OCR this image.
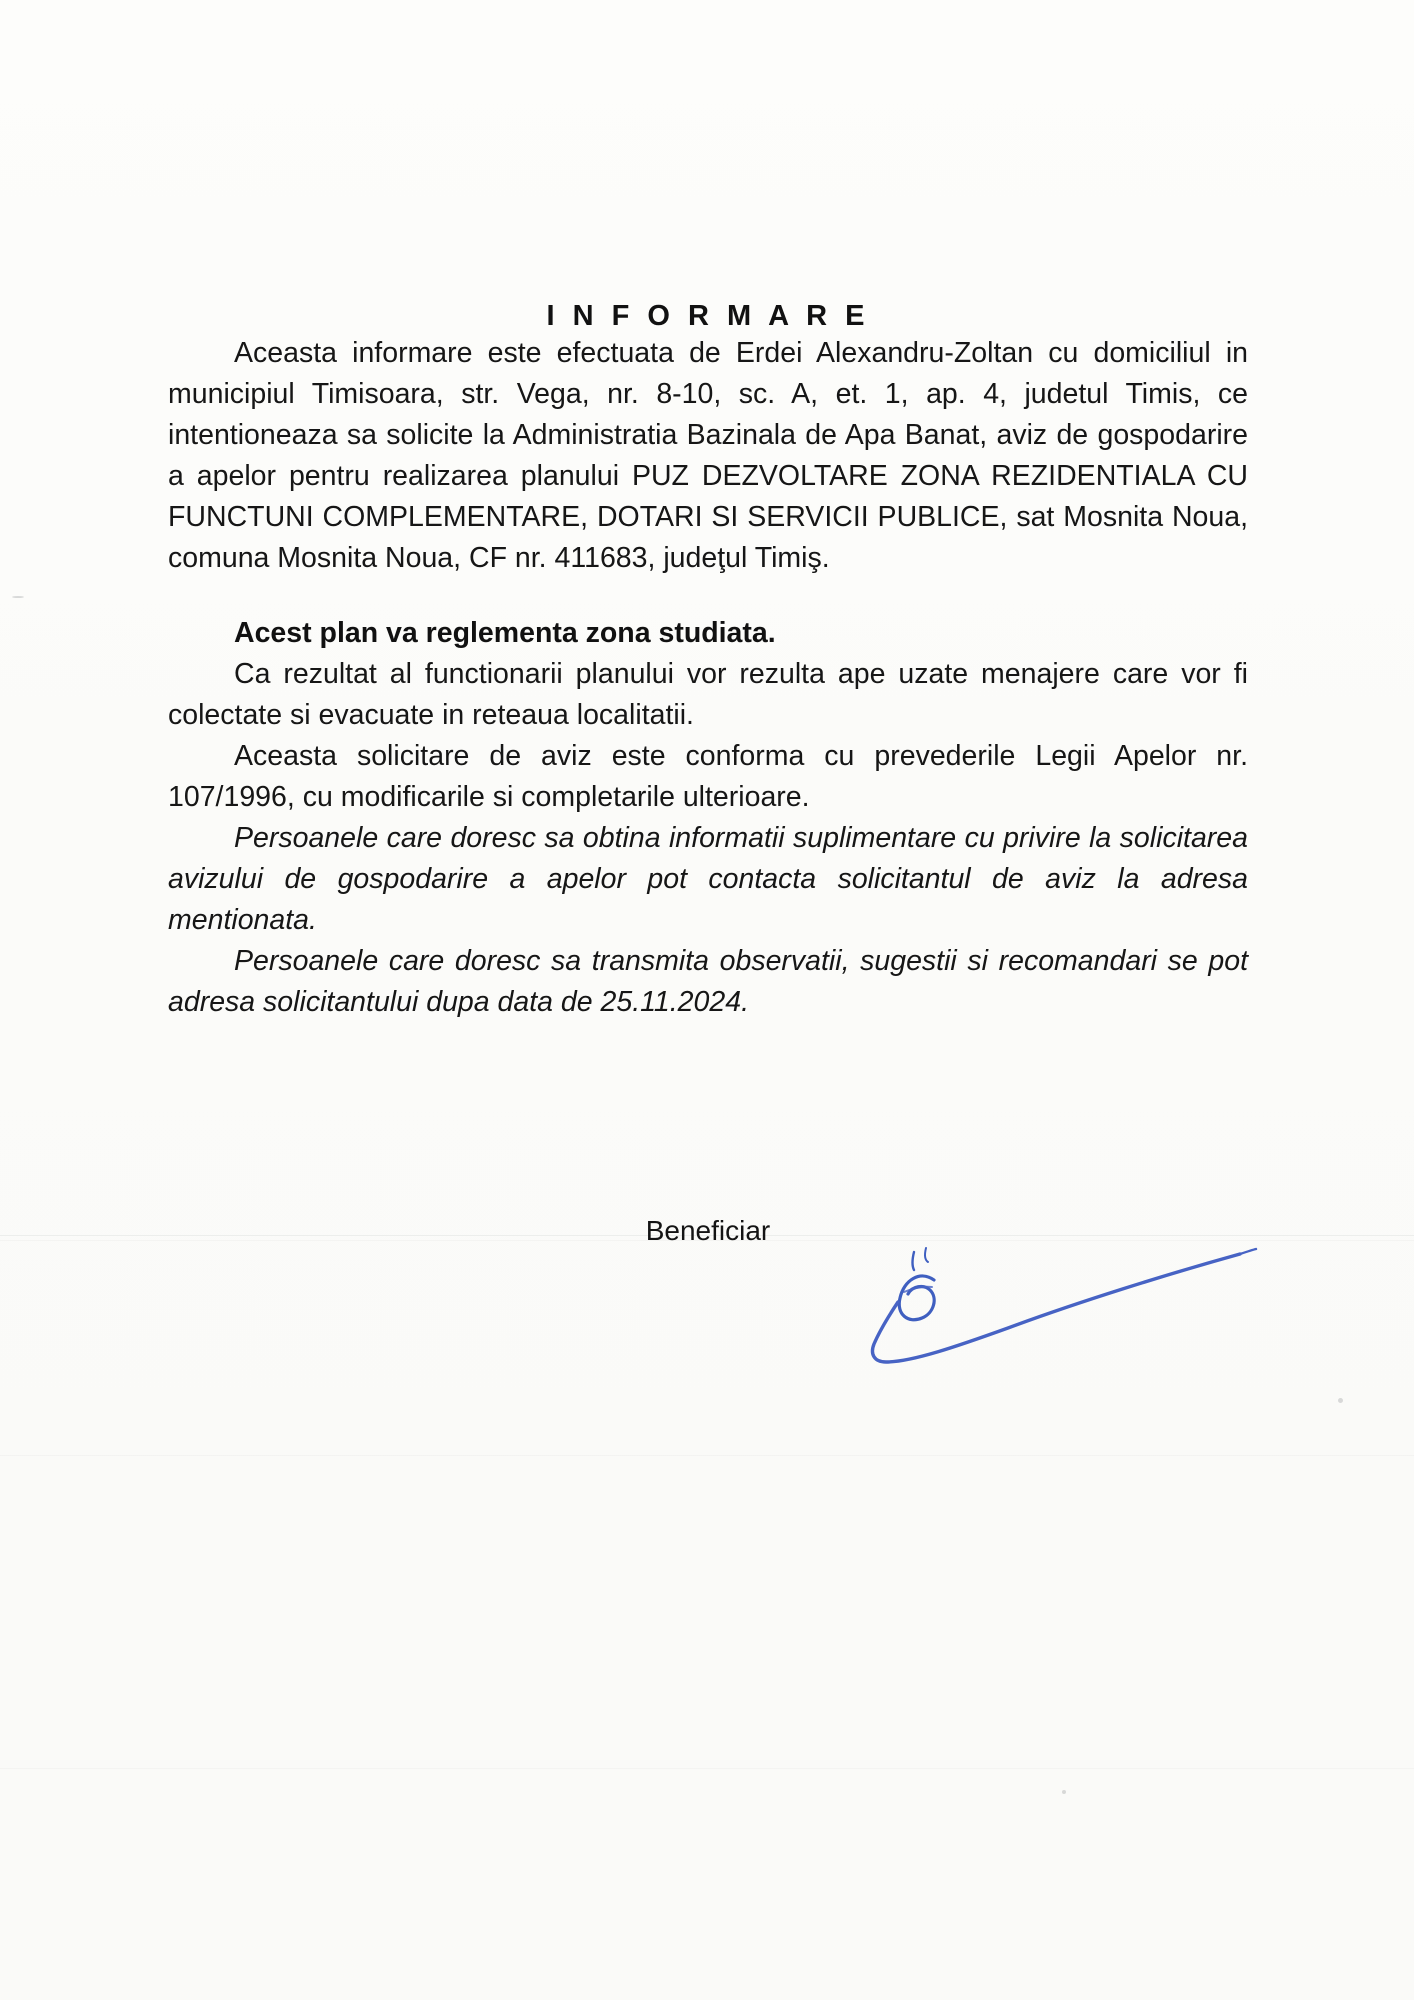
I N F O R M A R E

Aceasta informare este efectuata de Erdei Alexandru-Zoltan cu domiciliul in municipiul Timisoara, str. Vega, nr. 8-10, sc. A, et. 1, ap. 4, judetul Timis, ce intentioneaza sa solicite la Administratia Bazinala de Apa Banat, aviz de gospodarire a apelor pentru realizarea planului PUZ DEZVOLTARE ZONA REZIDENTIALA CU FUNCTUNI COMPLEMENTARE, DOTARI SI SERVICII PUBLICE, sat Mosnita Noua, comuna Mosnita Noua, CF nr. 411683, judeţul Timiş.

Acest plan va reglementa zona studiata.

Ca rezultat al functionarii planului vor rezulta ape uzate menajere care vor fi colectate si evacuate in reteaua localitatii.

Aceasta solicitare de aviz este conforma cu prevederile Legii Apelor nr. 107/1996, cu modificarile si completarile ulterioare.

Persoanele care doresc sa obtina informatii suplimentare cu privire la solicitarea avizului de gospodarire a apelor pot contacta solicitantul de aviz la adresa mentionata.

Persoanele care doresc sa transmita observatii, sugestii si recomandari se pot adresa solicitantului dupa data de 25.11.2024.

Beneficiar
